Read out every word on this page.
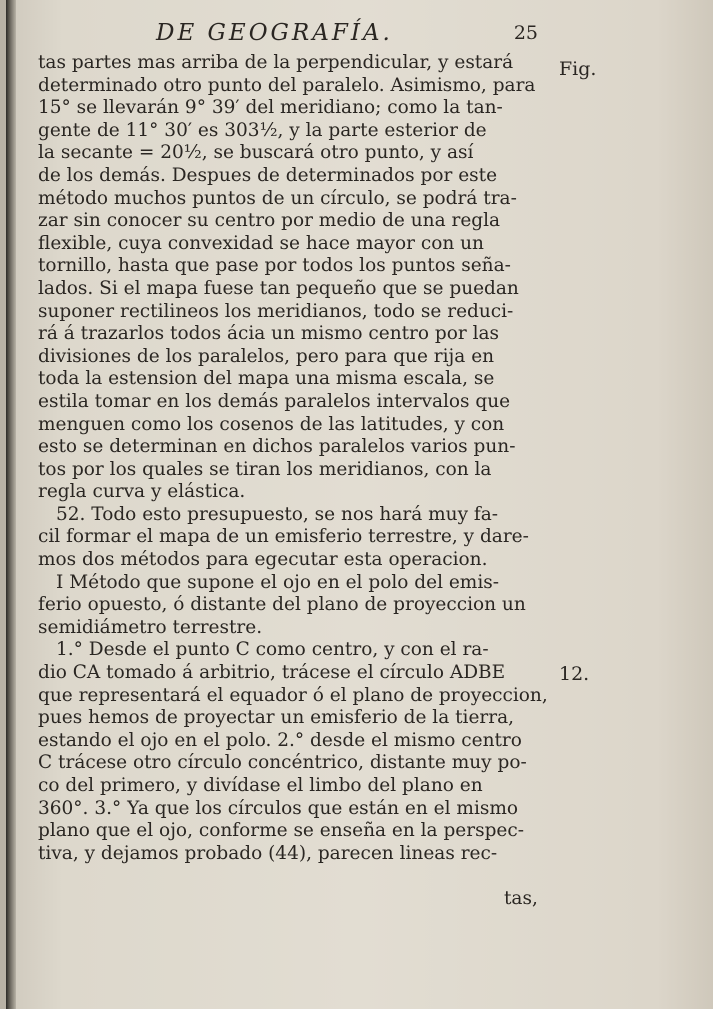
DE GEOGRAFÍA.	25
Fig.
12.
tas partes mas arriba de la perpendicular, y estará
determinado otro punto del paralelo. Asimismo, para
15° se llevarán 9° 39′ del meridiano; como la tan-
gente de 11° 30′ es 303½, y la parte esterior de
la secante = 20½, se buscará otro punto, y así
de los demás. Despues de determinados por este
método muchos puntos de un círculo, se podrá tra-
zar sin conocer su centro por medio de una regla
flexible, cuya convexidad se hace mayor con un
tornillo, hasta que pase por todos los puntos seña-
lados. Si el mapa fuese tan pequeño que se puedan
suponer rectilineos los meridianos, todo se reduci-
rá á trazarlos todos ácia un mismo centro por las
divisiones de los paralelos, pero para que rija en
toda la estension del mapa una misma escala, se
estila tomar en los demás paralelos intervalos que
menguen como los cosenos de las latitudes, y con
esto se determinan en dichos paralelos varios pun-
tos por los quales se tiran los meridianos, con la
regla curva y elástica.
52. Todo esto presupuesto, se nos hará muy fa-
cil formar el mapa de un emisferio terrestre, y dare-
mos dos métodos para egecutar esta operacion.
I Método que supone el ojo en el polo del emis-
ferio opuesto, ó distante del plano de proyeccion un
semidiámetro terrestre.
1.° Desde el punto C como centro, y con el ra-
dio CA tomado á arbitrio, trácese el círculo ADBE
que representará el equador ó el plano de proyeccion,
pues hemos de proyectar un emisferio de la tierra,
estando el ojo en el polo. 2.° desde el mismo centro
C trácese otro círculo concéntrico, distante muy po-
co del primero, y divídase el limbo del plano en
360°. 3.° Ya que los círculos que están en el mismo
plano que el ojo, conforme se enseña en la perspec-
tiva, y dejamos probado (44), parecen lineas rec-
tas,
